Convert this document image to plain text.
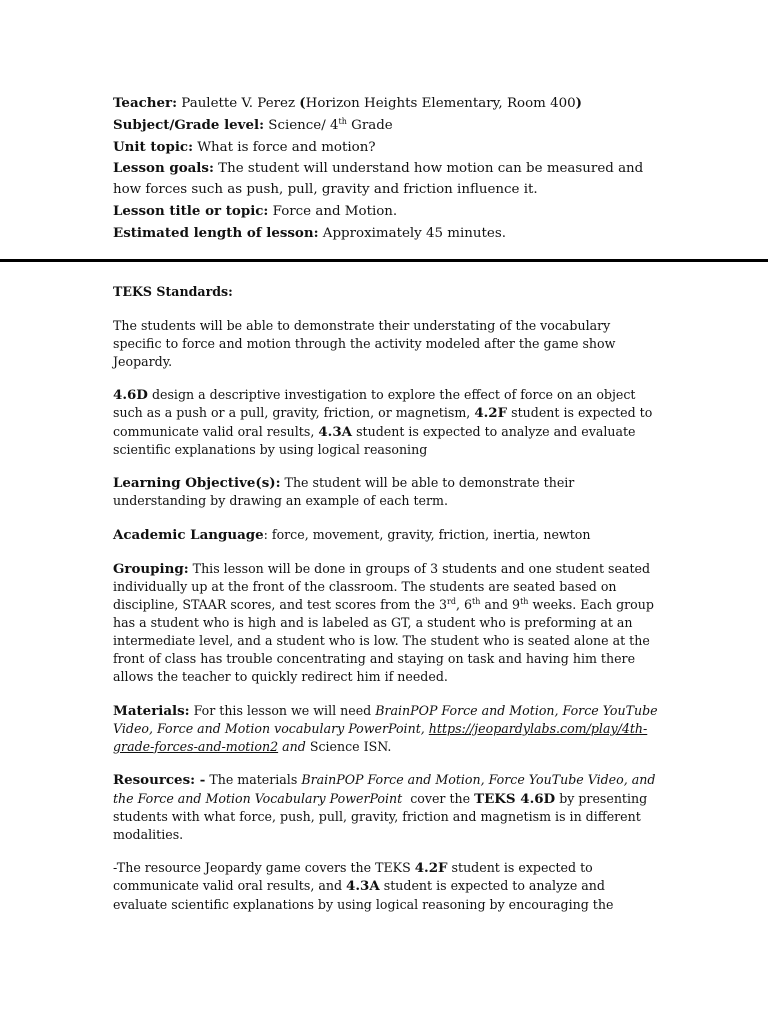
Teacher: Paulette V. Perez (Horizon Heights Elementary, Room 400)
Subject/Grade level: Science/ 4th Grade
Unit topic: What is force and motion?
Lesson goals: The student will understand how motion can be measured and how forces such as push, pull, gravity and friction influence it.
Lesson title or topic: Force and Motion.
Estimated length of lesson: Approximately 45 minutes.

TEKS Standards:

The students will be able to demonstrate their understating of the vocabulary specific to force and motion through the activity modeled after the game show Jeopardy.

4.6D design a descriptive investigation to explore the effect of force on an object such as a push or a pull, gravity, friction, or magnetism, 4.2F student is expected to communicate valid oral results, 4.3A student is expected to analyze and evaluate scientific explanations by using logical reasoning

Learning Objective(s): The student will be able to demonstrate their understanding by drawing an example of each term.

Academic Language: force, movement, gravity, friction, inertia, newton

Grouping: This lesson will be done in groups of 3 students and one student seated individually up at the front of the classroom. The students are seated based on discipline, STAAR scores, and test scores from the 3rd, 6th and 9th weeks. Each group has a student who is high and is labeled as GT, a student who is preforming at an intermediate level, and a student who is low. The student who is seated alone at the front of class has trouble concentrating and staying on task and having him there allows the teacher to quickly redirect him if needed.

Materials: For this lesson we will need BrainPOP Force and Motion, Force YouTube Video, Force and Motion vocabulary PowerPoint, https://jeopardylabs.com/play/4th-grade-forces-and-motion2 and Science ISN.

Resources: - The materials BrainPOP Force and Motion, Force YouTube Video, and the Force and Motion Vocabulary PowerPoint cover the TEKS 4.6D by presenting students with what force, push, pull, gravity, friction and magnetism is in different modalities.

-The resource Jeopardy game covers the TEKS 4.2F student is expected to communicate valid oral results, and 4.3A student is expected to analyze and evaluate scientific explanations by using logical reasoning by encouraging the
